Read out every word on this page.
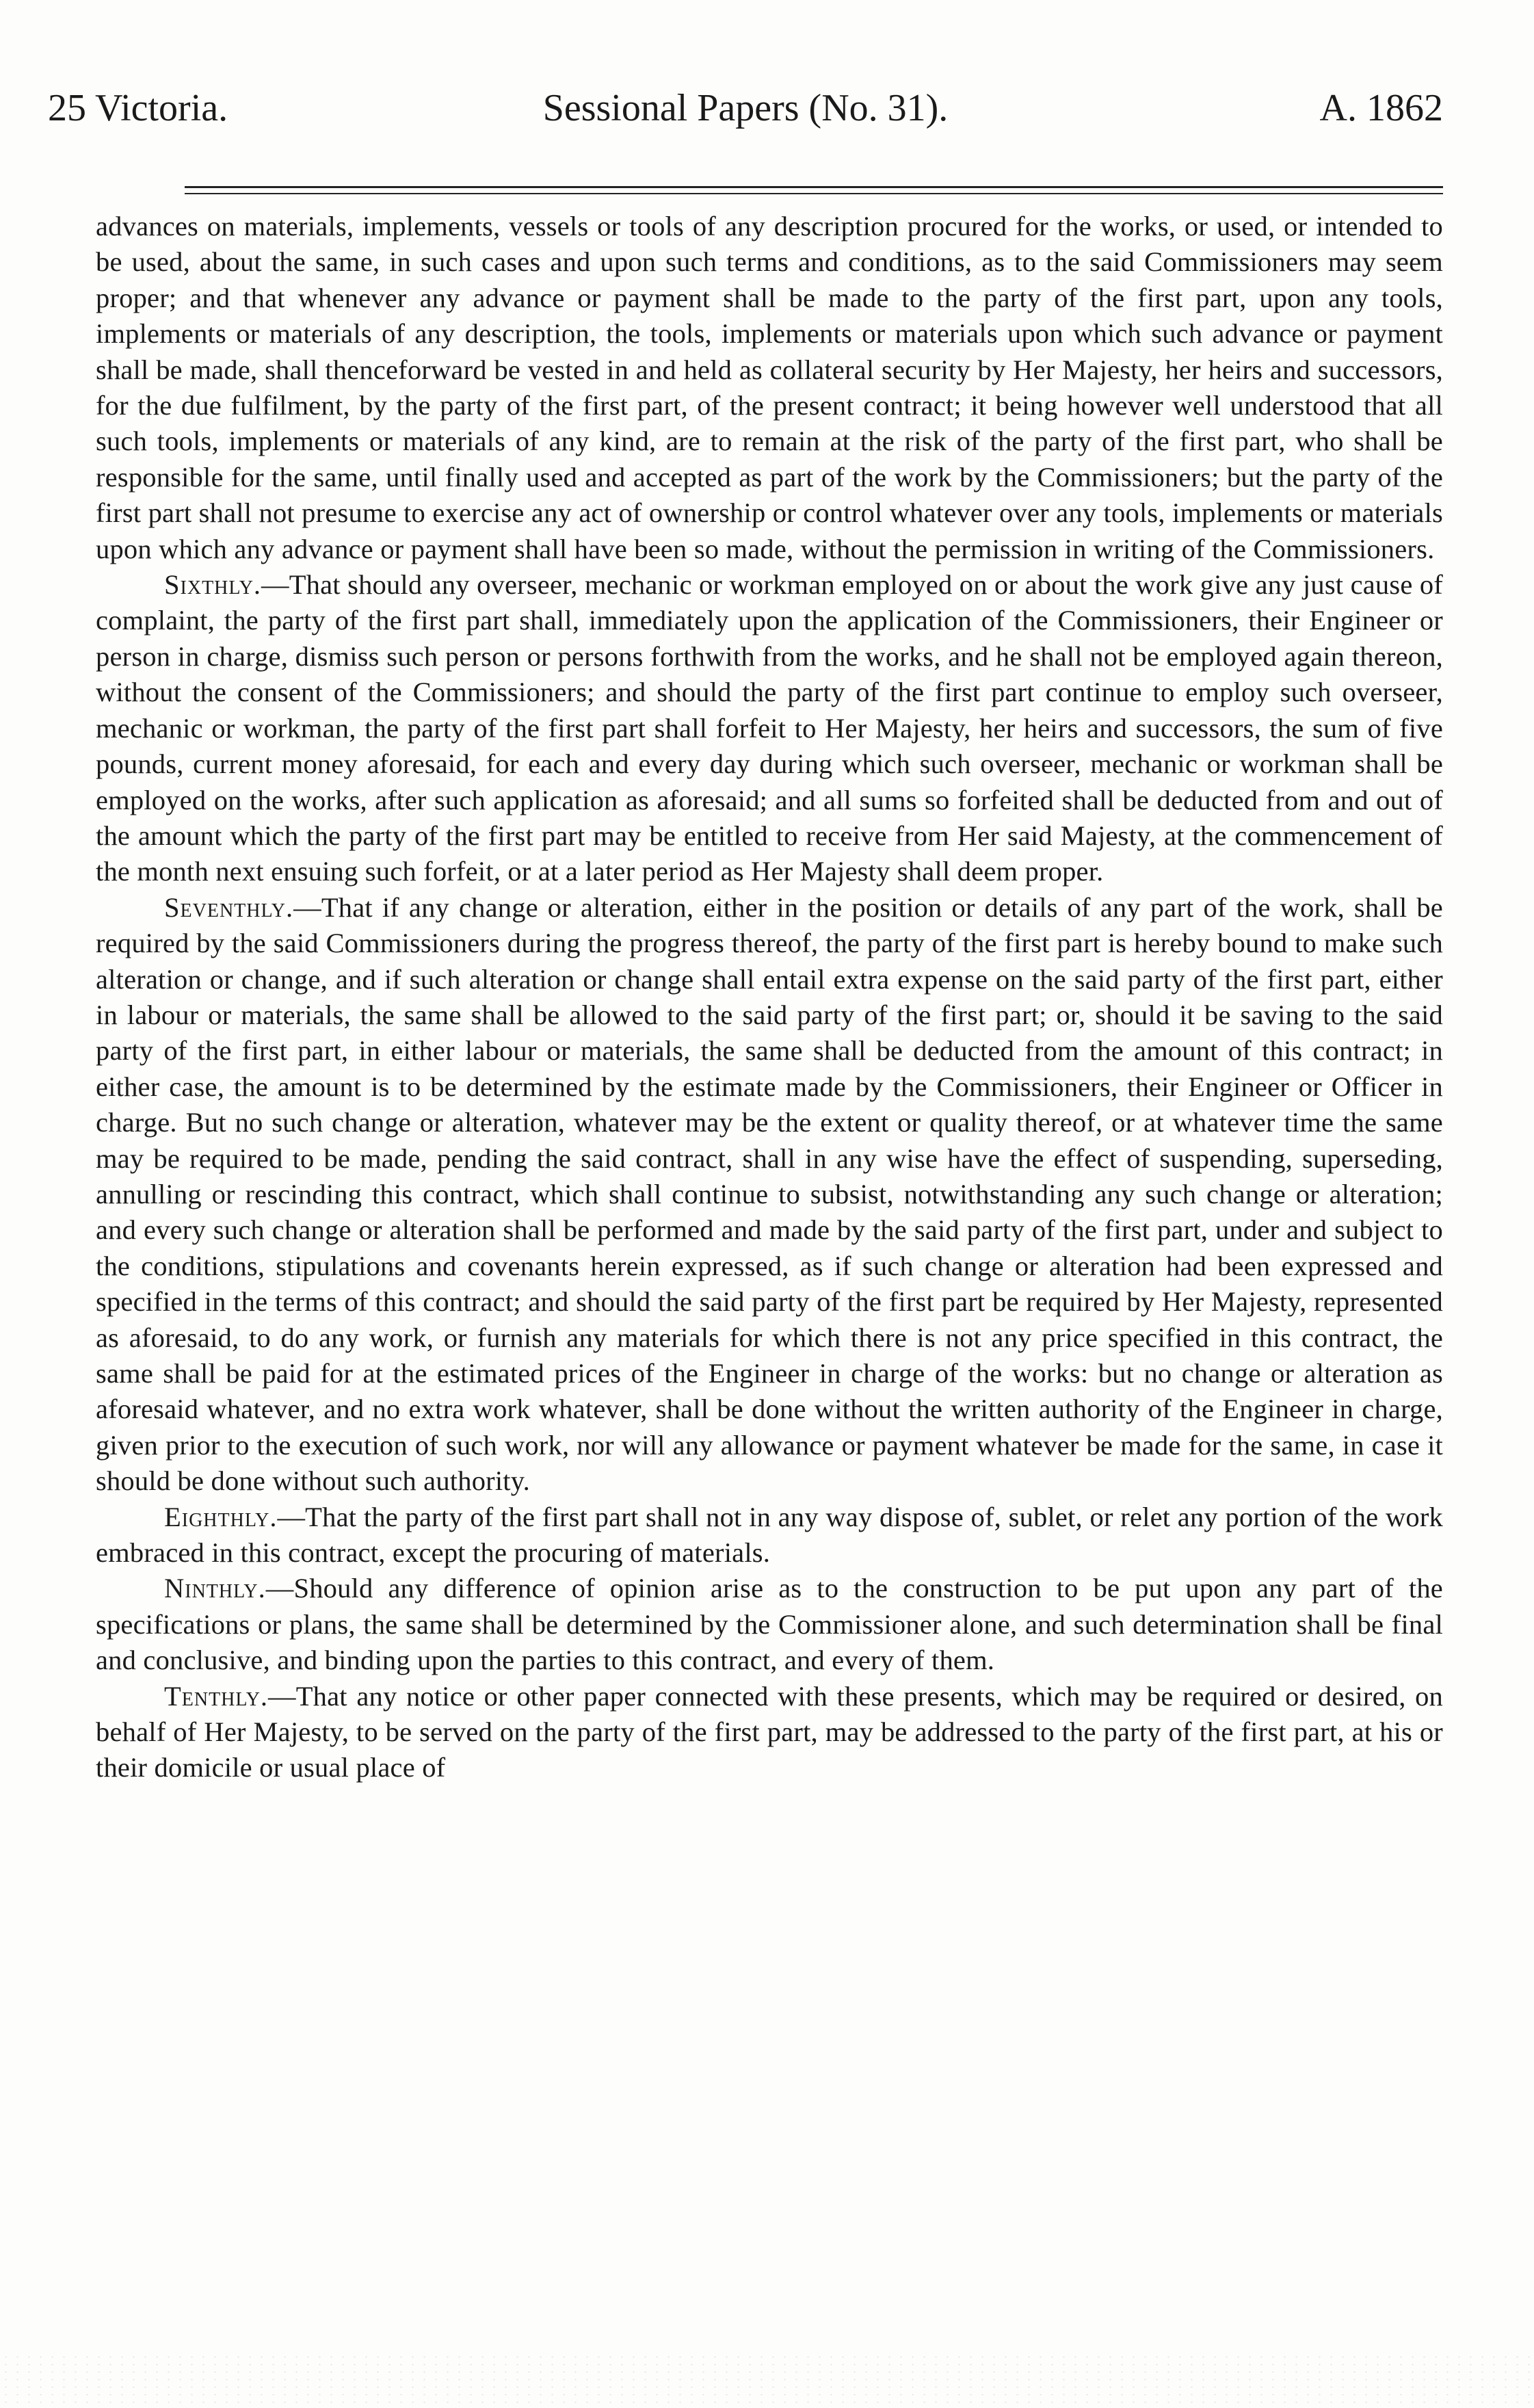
25 Victoria.	Sessional Papers (No. 31).	A. 1862

advances on materials, implements, vessels or tools of any description procured for the works, or used, or intended to be used, about the same, in such cases and upon such terms and conditions, as to the said Commissioners may seem proper; and that whenever any advance or payment shall be made to the party of the first part, upon any tools, implements or materials of any description, the tools, implements or materials upon which such advance or payment shall be made, shall thenceforward be vested in and held as collateral security by Her Majesty, her heirs and successors, for the due fulfilment, by the party of the first part, of the present contract; it being however well understood that all such tools, implements or materials of any kind, are to remain at the risk of the party of the first part, who shall be responsible for the same, until finally used and accepted as part of the work by the Commissioners; but the party of the first part shall not presume to exercise any act of ownership or control whatever over any tools, implements or materials upon which any advance or payment shall have been so made, without the permission in writing of the Commissioners.

Sixthly.—That should any overseer, mechanic or workman employed on or about the work give any just cause of complaint, the party of the first part shall, immediately upon the application of the Commissioners, their Engineer or person in charge, dismiss such person or persons forthwith from the works, and he shall not be employed again thereon, without the consent of the Commissioners; and should the party of the first part continue to employ such overseer, mechanic or workman, the party of the first part shall forfeit to Her Majesty, her heirs and successors, the sum of five pounds, current money aforesaid, for each and every day during which such overseer, mechanic or workman shall be employed on the works, after such application as aforesaid; and all sums so forfeited shall be deducted from and out of the amount which the party of the first part may be entitled to receive from Her said Majesty, at the commencement of the month next ensuing such forfeit, or at a later period as Her Majesty shall deem proper.

Seventhly.—That if any change or alteration, either in the position or details of any part of the work, shall be required by the said Commissioners during the progress thereof, the party of the first part is hereby bound to make such alteration or change, and if such alteration or change shall entail extra expense on the said party of the first part, either in labour or materials, the same shall be allowed to the said party of the first part; or, should it be saving to the said party of the first part, in either labour or materials, the same shall be deducted from the amount of this contract; in either case, the amount is to be determined by the estimate made by the Commissioners, their Engineer or Officer in charge. But no such change or alteration, whatever may be the extent or quality thereof, or at whatever time the same may be required to be made, pending the said contract, shall in any wise have the effect of suspending, superseding, annulling or rescinding this contract, which shall continue to subsist, notwithstanding any such change or alteration; and every such change or alteration shall be performed and made by the said party of the first part, under and subject to the conditions, stipulations and covenants herein expressed, as if such change or alteration had been expressed and specified in the terms of this contract; and should the said party of the first part be required by Her Majesty, represented as aforesaid, to do any work, or furnish any materials for which there is not any price specified in this contract, the same shall be paid for at the estimated prices of the Engineer in charge of the works: but no change or alteration as aforesaid whatever, and no extra work whatever, shall be done without the written authority of the Engineer in charge, given prior to the execution of such work, nor will any allowance or payment whatever be made for the same, in case it should be done without such authority.

Eighthly.—That the party of the first part shall not in any way dispose of, sublet, or relet any portion of the work embraced in this contract, except the procuring of materials.

Ninthly.—Should any difference of opinion arise as to the construction to be put upon any part of the specifications or plans, the same shall be determined by the Commissioner alone, and such determination shall be final and conclusive, and binding upon the parties to this contract, and every of them.

Tenthly.—That any notice or other paper connected with these presents, which may be required or desired, on behalf of Her Majesty, to be served on the party of the first part, may be addressed to the party of the first part, at his or their domicile or usual place of
